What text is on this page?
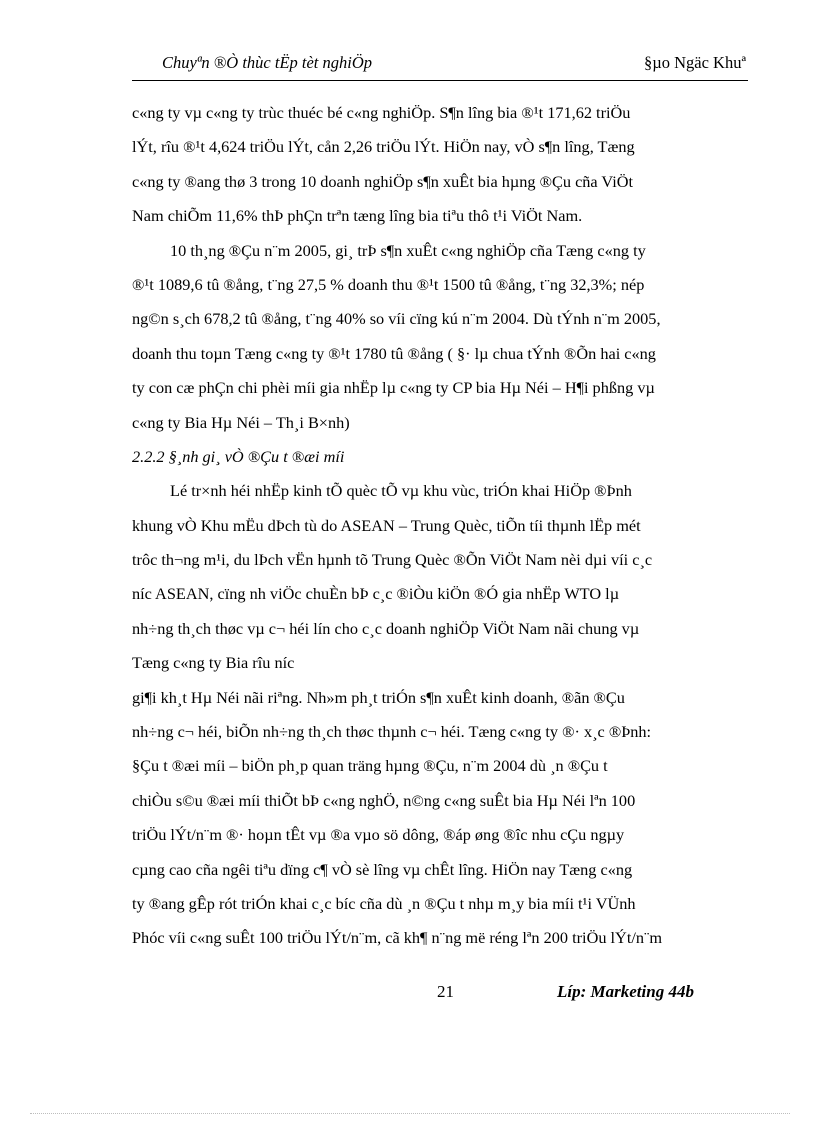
Chuyªn ®Ò thùc tËp tèt nghiÖp	§µo Ngäc Khuª
c«ng ty vµ c«ng ty trùc thuéc bé c«ng nghiÖp. S¶n lîng bia ®¹t 171,62 triÖu
lÝt, rîu ®¹t 4,624 triÖu lÝt, cån 2,26 triÖu lÝt. HiÖn nay, vÒ s¶n lîng, Tæng
c«ng ty ®ang thø 3 trong 10 doanh nghiÖp s¶n xuÊt bia hµng ®Çu cña ViÖt
Nam chiÕm 11,6% thÞ phÇn trªn tæng lîng bia tiªu thô t¹i ViÖt Nam.
10 th¸ng ®Çu n¨m 2005, gi¸ trÞ s¶n xuÊt c«ng nghiÖp cña Tæng c«ng ty
®¹t 1089,6 tû ®ång, t¨ng 27,5 % doanh thu ®¹t 1500 tû ®ång, t¨ng 32,3%; nép
ng©n s¸ch 678,2 tû ®ång, t¨ng 40% so víi cïng kú n¨m 2004. Dù tÝnh n¨m 2005,
doanh thu toµn Tæng c«ng ty ®¹t 1780 tû ®ång ( §· lµ chua tÝnh ®Õn hai c«ng
ty con cæ phÇn chi phèi míi gia nhËp lµ c«ng ty CP bia Hµ Néi – H¶i phßng vµ
c«ng ty Bia Hµ Néi – Th¸i B×nh)
2.2.2 §¸nh gi¸ vÒ ®Çu t ®æi míi
Lé tr×nh héi nhËp kinh tÕ quèc tÕ vµ khu vùc, triÓn khai HiÖp ®Þnh
khung vÒ Khu mËu dÞch tù do ASEAN – Trung Quèc, tiÕn tíi thµnh lËp mét
trôc th¬ng m¹i, du lÞch vËn hµnh tõ Trung Quèc ®Õn ViÖt Nam nèi dµi víi c¸c
níc ASEAN, cïng nh viÖc chuÈn bÞ c¸c ®iÒu kiÖn ®Ó gia nhËp WTO lµ
nh÷ng th¸ch thøc vµ c¬ héi lín cho c¸c doanh nghiÖp ViÖt Nam nãi chung vµ
Tæng c«ng ty Bia rîu níc
gi¶i kh¸t Hµ Néi nãi riªng. Nh»m ph¸t triÓn s¶n xuÊt kinh doanh, ®ãn ®Çu
nh÷ng c¬ héi, biÕn nh÷ng th¸ch thøc thµnh c¬ héi. Tæng c«ng ty ®· x¸c ®Þnh:
§Çu t ®æi míi – biÖn ph¸p quan träng hµng ®Çu, n¨m 2004 dù ¸n ®Çu t
chiÒu s©u ®æi míi thiÕt bÞ c«ng nghÖ, n©ng c«ng suÊt bia Hµ Néi lªn 100
triÖu lÝt/n¨m ®· hoµn tÊt vµ ®a vµo sö dông, ®áp øng ®îc nhu cÇu ngµy
cµng cao cña ngêi tiªu dïng c¶ vÒ sè lîng vµ chÊt lîng. HiÖn nay Tæng c«ng
ty ®ang gÊp rót triÓn khai c¸c bíc cña dù ¸n ®Çu t nhµ m¸y bia míi t¹i VÜnh
Phóc víi c«ng suÊt 100 triÖu lÝt/n¨m, cã kh¶ n¨ng më réng lªn 200 triÖu lÝt/n¨m
21	Líp: Marketing 44b
